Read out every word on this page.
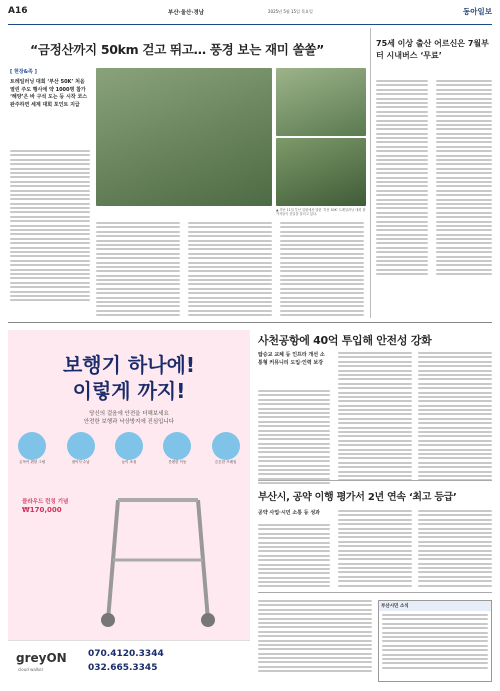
A16	부산·울산·경남	2025년 5월 15일 목요일	동아일보
“금정산까지 50km 걷고 뛰고… 풍경 보는 재미 쏠쏠”
[ 현장&족 ]
트레일러닝 대회 ‘부산 50K’ 처음 열린 주도 행사에 약 1000명 참가 ‘해양’은 바 구석 도는 등 시작 코스 완주하면 세계 대회 포인트 지급
▲ 지난 11일 부산 일원에서 열린 ‘부산 50K’ 트레일러닝 대회 참가자들이 산길을 달리고 있다.
75세 이상 출산 어르신은 7월부터 시내버스 ‘무료’
보행기 하나에!
이렇게 까지!
당신의 걸음에 안전을 더해보세요
안전한 보행과 낙상방지에 진심입니다
손목이 편한 그립	접이식 수납	높이 조절	간편한 이동	튼튼한 프레임
클라우드 런칭 기념
₩170,000
greyON
cloud walker
070.4120.3344
032.665.3345
사천공항에 40억 투입해 안전성 강화
탑승교 교체 등 인프라 개선 소통형 커뮤니티 도입·인력 보강
부산시, 공약 이행 평가서 2년 연속 ‘최고 등급’
공약 사업·시민 소통 등 성과
부산시민 소식
